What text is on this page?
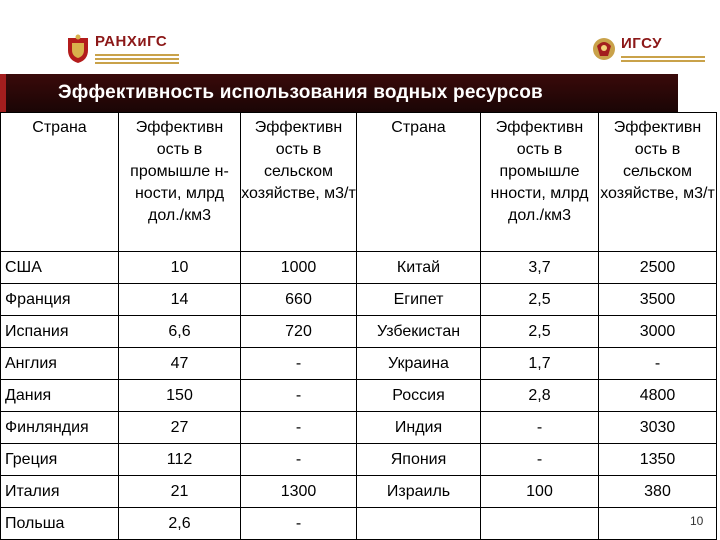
РАНХиГС	ИГСУ
Эффективность использования водных ресурсов
Страна	Эффективн ость в промышле н-ности, млрд дол./км3	Эффективн ость в сельском хозяйстве, м3/т	Страна	Эффективн ость в промышле нности, млрд дол./км3	Эффективн ость в сельском хозяйстве, м3/т
США	10	1000	Китай	3,7	2500
Франция	14	660	Египет	2,5	3500
Испания	6,6	720	Узбекистан	2,5	3000
Англия	47	-	Украина	1,7	-
Дания	150	-	Россия	2,8	4800
Финляндия	27	-	Индия	-	3030
Греция	112	-	Япония	-	1350
Италия	21	1300	Израиль	100	380
Польша	2,6	-				10
